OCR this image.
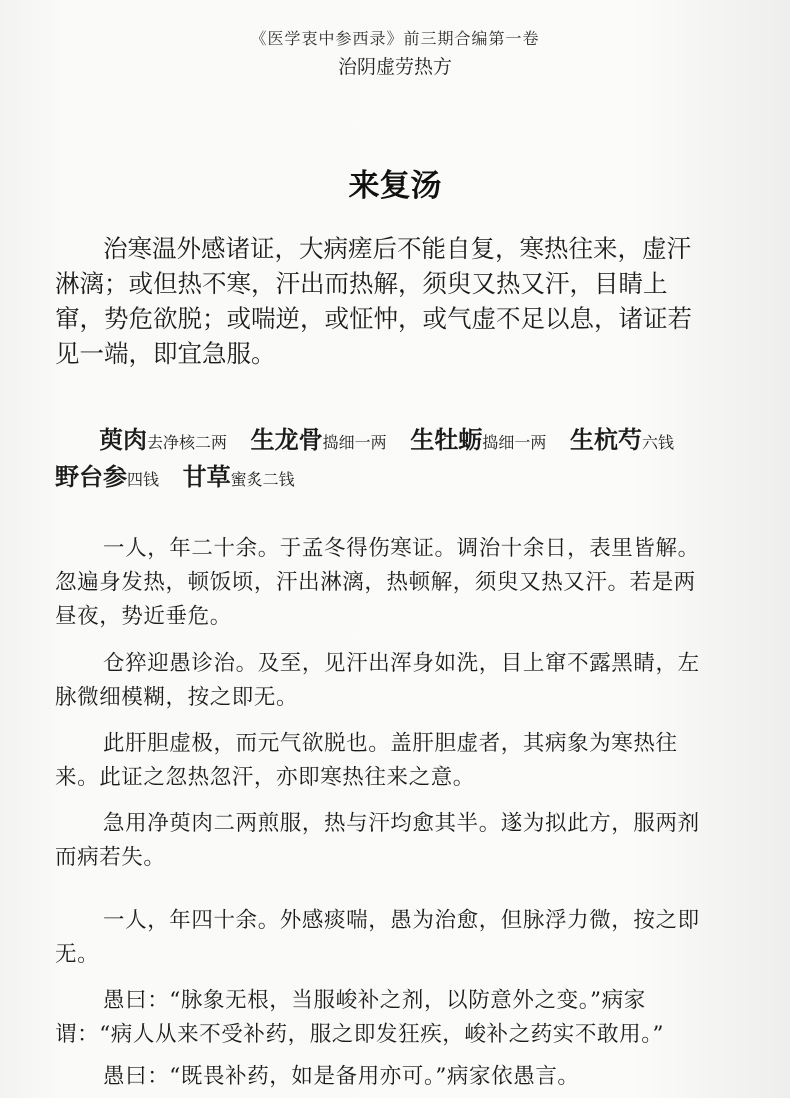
《医学衷中参西录》前三期合编第一卷
治阴虚劳热方
来复汤

治寒温外感诸证，大病瘥后不能自复，寒热往来，虚汗淋漓；或但热不寒，汗出而热解，须臾又热又汗，目睛上窜，势危欲脱；或喘逆，或怔忡，或气虚不足以息，诸证若见一端，即宜急服。

萸肉去净核二两 生龙骨捣细一两 生牡蛎捣细一两 生杭芍六钱
野台参四钱 甘草蜜炙二钱

一人，年二十余。于孟冬得伤寒证。调治十余日，表里皆解。忽遍身发热，顿饭顷，汗出淋漓，热顿解，须臾又热又汗。若是两昼夜，势近垂危。

仓猝迎愚诊治。及至，见汗出浑身如洗，目上窜不露黑睛，左脉微细模糊，按之即无。

此肝胆虚极，而元气欲脱也。盖肝胆虚者，其病象为寒热往来。此证之忽热忽汗，亦即寒热往来之意。

急用净萸肉二两煎服，热与汗均愈其半。遂为拟此方，服两剂而病若失。

一人，年四十余。外感痰喘，愚为治愈，但脉浮力微，按之即无。

愚曰：“脉象无根，当服峻补之剂，以防意外之变。”病家谓：“病人从来不受补药，服之即发狂疾，峻补之药实不敢用。”

愚曰：“既畏补药，如是备用亦可。”病家依愚言。
